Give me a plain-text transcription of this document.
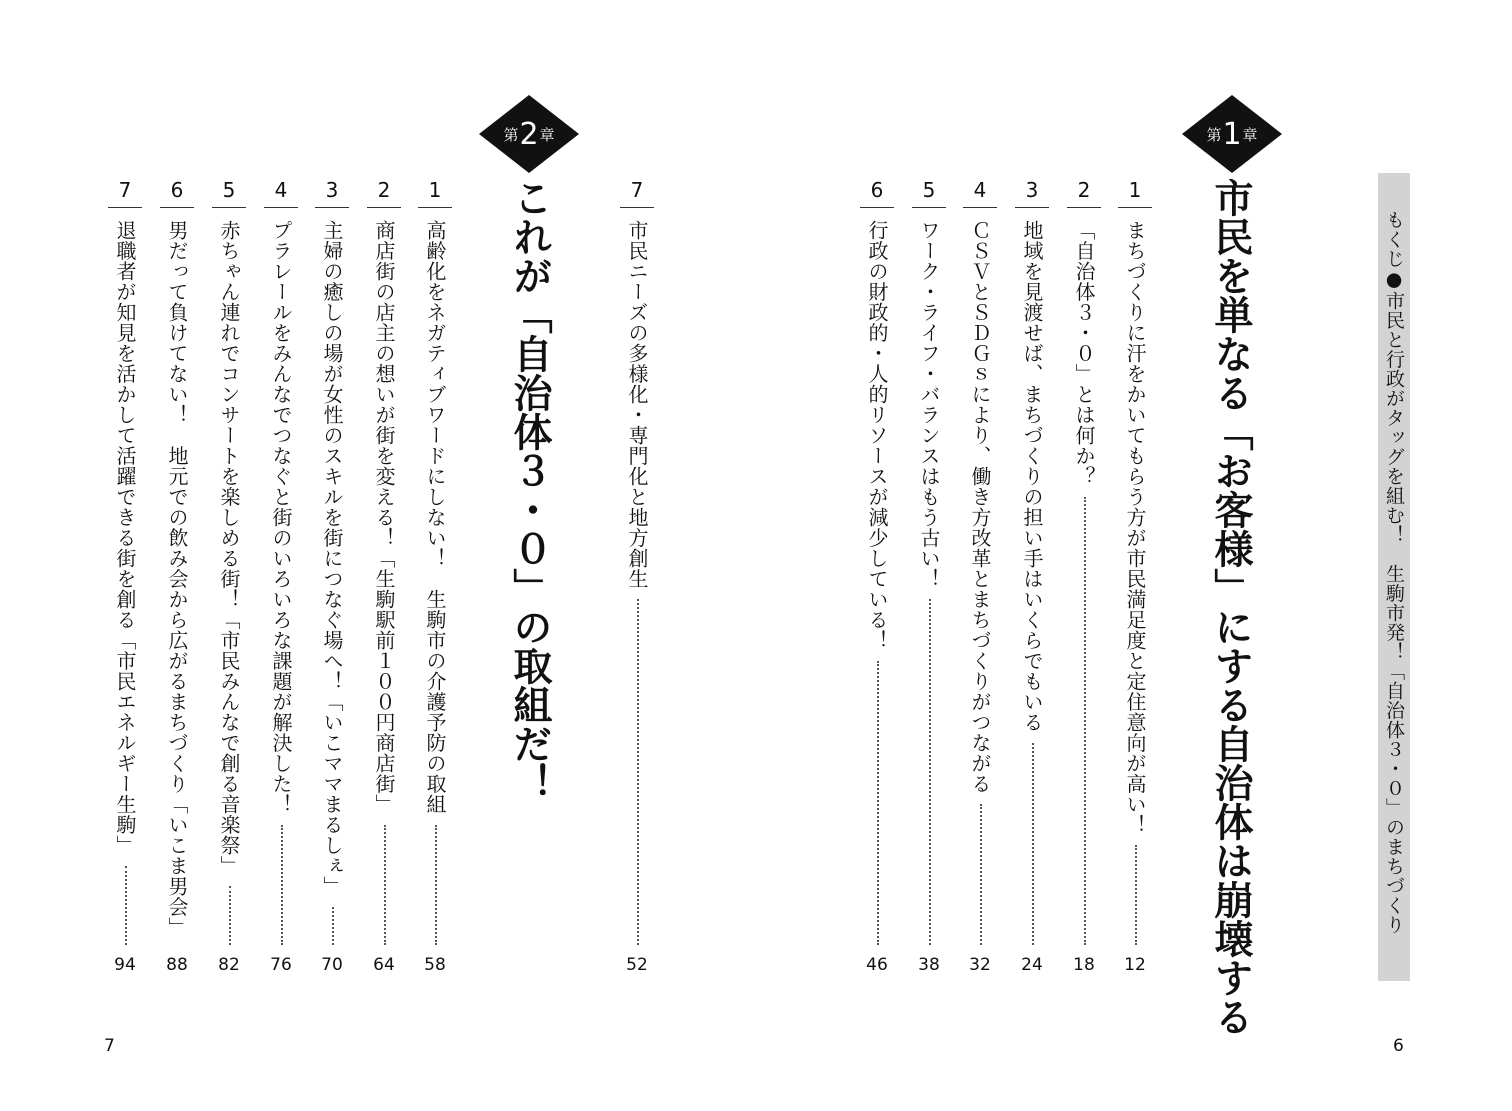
もくじ●市民と行政がタッグを組む！　生駒市発！「自治体３・０」のまちづくり
第 1 章
市民を単なる「お客様」にする自治体は崩壊する
第 2 章
これが「自治体３・０」の取組だ！	1
まちづくりに汗をかいてもらう方が市民満足度と定住意向が高い！
12
2
「自治体３・０」とは何か？
18
3
地域を見渡せば、まちづくりの担い手はいくらでもいる
24
4
ＣＳＶとＳＤＧｓにより、働き方改革とまちづくりがつながる
32
5
ワーク・ライフ・バランスはもう古い！
38
6
行政の財政的・人的リソースが減少している！
46
7
市民ニーズの多様化・専門化と地方創生
52
1
高齢化をネガティブワードにしない！　生駒市の介護予防の取組
58
2
商店街の店主の想いが街を変える！「生駒駅前１００円商店街」
64
3
主婦の癒しの場が女性のスキルを街につなぐ場へ！「いこママまるしぇ」
70
4
プラレールをみんなでつなぐと街のいろいろな課題が解決した！
76
5
赤ちゃん連れでコンサートを楽しめる街！「市民みんなで創る音楽祭」
82
6
男だって負けてない！　地元での飲み会から広がるまちづくり「いこま男会」
88
7
退職者が知見を活かして活躍できる街を創る「市民エネルギー生駒」
94
7	6
